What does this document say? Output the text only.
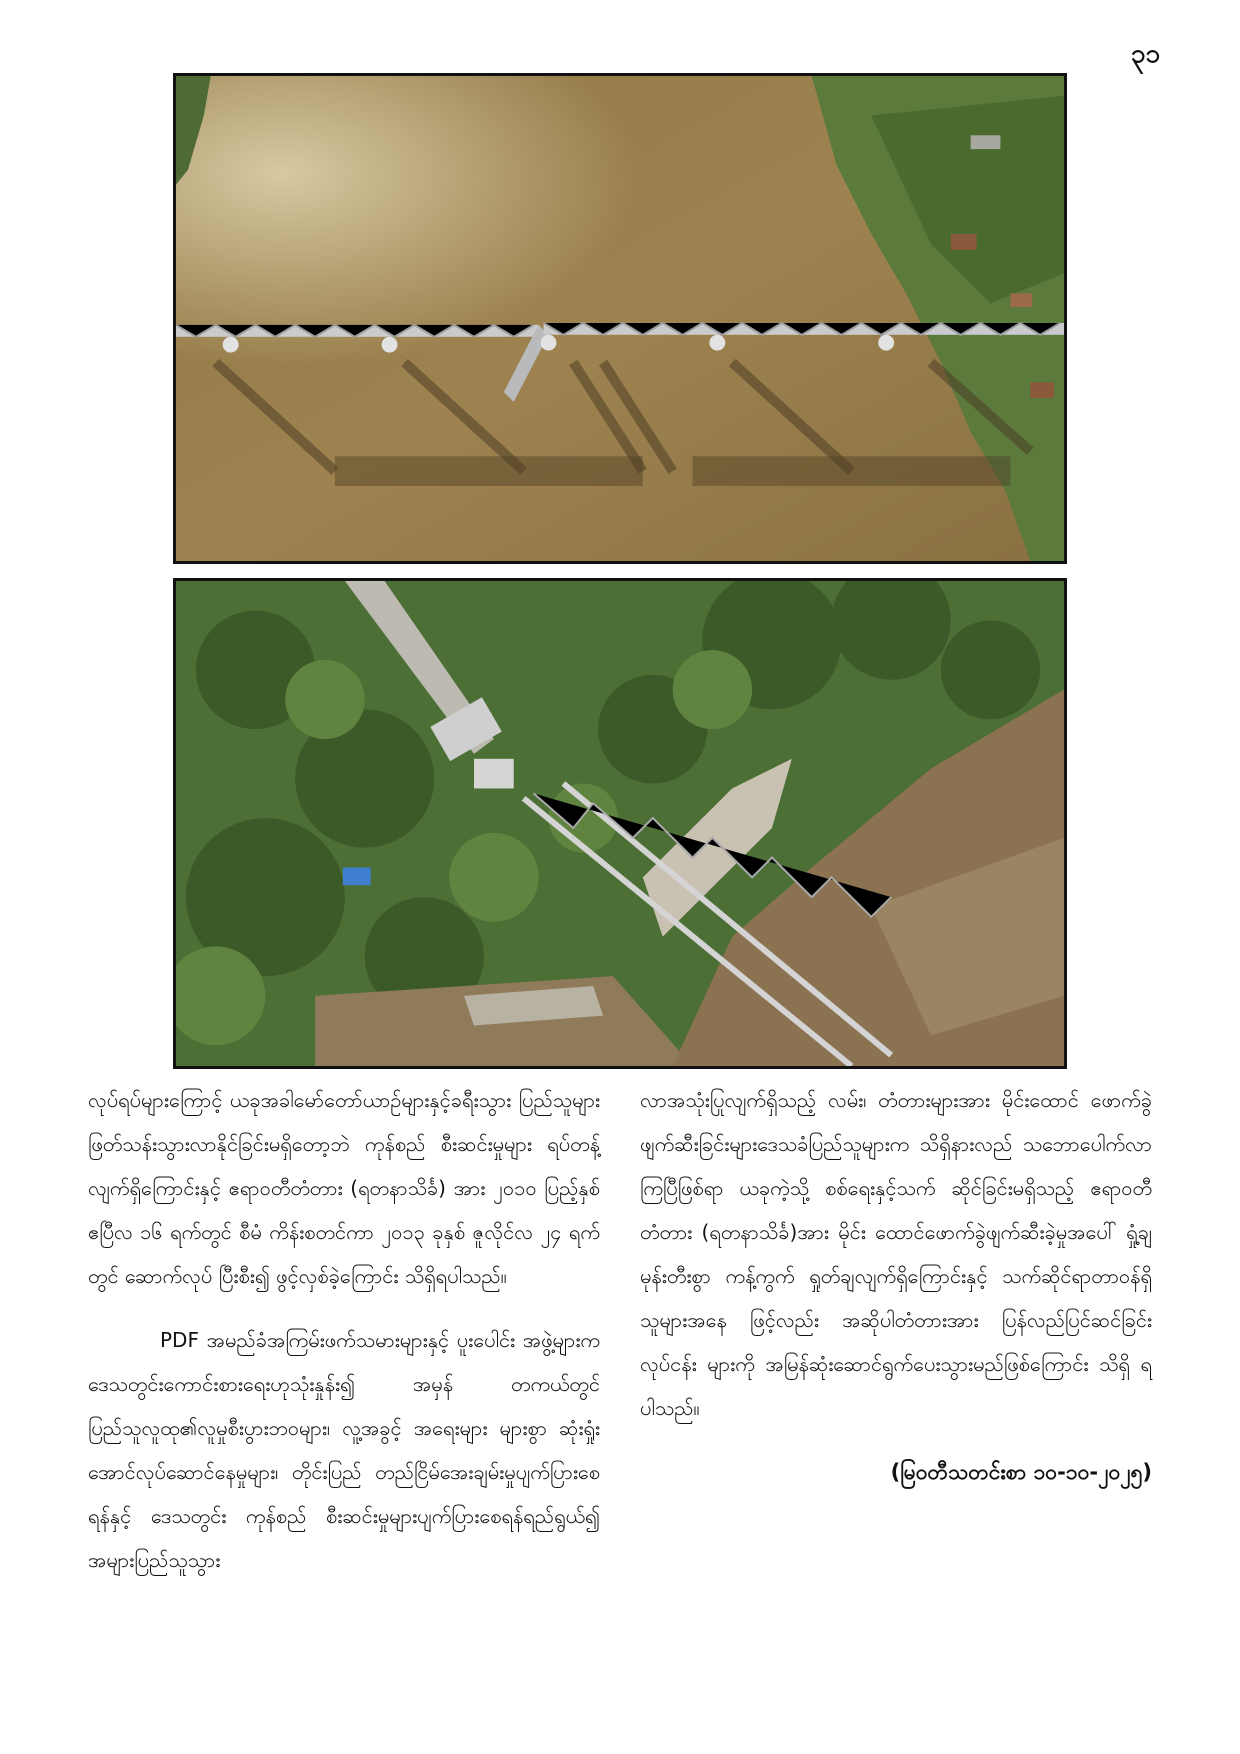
၃၁

လုပ်ရပ်များကြောင့် ယခုအခါမော်တော်ယာဉ်များနှင့်ခရီးသွား ပြည်သူများ ဖြတ်သန်းသွားလာနိုင်ခြင်းမရှိတော့ဘဲ ကုန်စည် စီးဆင်းမှုများ ရပ်တန့်လျက်ရှိကြောင်းနှင့် ဧရာဝတီတံတား (ရတနာသိင်္ခ) အား ၂၀၁၀ ပြည့်နှစ် ဧပြီလ ၁၆ ရက်တွင် စီမံ ကိန်းစတင်ကာ ၂၀၁၃ ခုနှစ် ဇူလိုင်လ ၂၄ ရက်တွင် ဆောက်လုပ် ပြီးစီး၍ ဖွင့်လှစ်ခဲ့ကြောင်း သိရှိရပါသည်။

PDF အမည်ခံအကြမ်းဖက်သမားများနှင့် ပူးပေါင်း အဖွဲ့များက ဒေသတွင်းကောင်းစားရေးဟုသုံးနှုန်း၍ အမှန် တကယ်တွင် ပြည်သူလူထု၏လူမှုစီးပွားဘဝများ၊ လူ့အခွင့် အရေးများ များစွာ ဆုံးရှုံးအောင်လုပ်ဆောင်နေမှုများ၊ တိုင်းပြည် တည်ငြိမ်အေးချမ်းမှုပျက်ပြားစေရန်နှင့် ဒေသတွင်း ကုန်စည် စီးဆင်းမှုများပျက်ပြားစေရန်ရည်ရွယ်၍ အများပြည်သူသွား

လာအသုံးပြုလျက်ရှိသည့် လမ်း၊ တံတားများအား မိုင်းထောင် ဖောက်ခွဲဖျက်ဆီးခြင်းများဒေသခံပြည်သူများက သိရှိနားလည် သဘောပေါက်လာကြပြီဖြစ်ရာ ယခုကဲ့သို့ စစ်ရေးနှင့်သက် ဆိုင်ခြင်းမရှိသည့် ဧရာဝတီတံတား (ရတနာသိင်္ခ)အား မိုင်း ထောင်ဖောက်ခွဲဖျက်ဆီးခဲ့မှုအပေါ် ရှုံ့ချမုန်းတီးစွာ ကန့်ကွက် ရှုတ်ချလျက်ရှိကြောင်းနှင့် သက်ဆိုင်ရာတာဝန်ရှိသူများအနေ ဖြင့်လည်း အဆိုပါတံတားအား ပြန်လည်ပြင်ဆင်ခြင်းလုပ်ငန်း များကို အမြန်ဆုံးဆောင်ရွက်ပေးသွားမည်ဖြစ်ကြောင်း သိရှိ ရပါသည်။

(မြဝတီသတင်းစာ ၁၀-၁၀-၂၀၂၅)
